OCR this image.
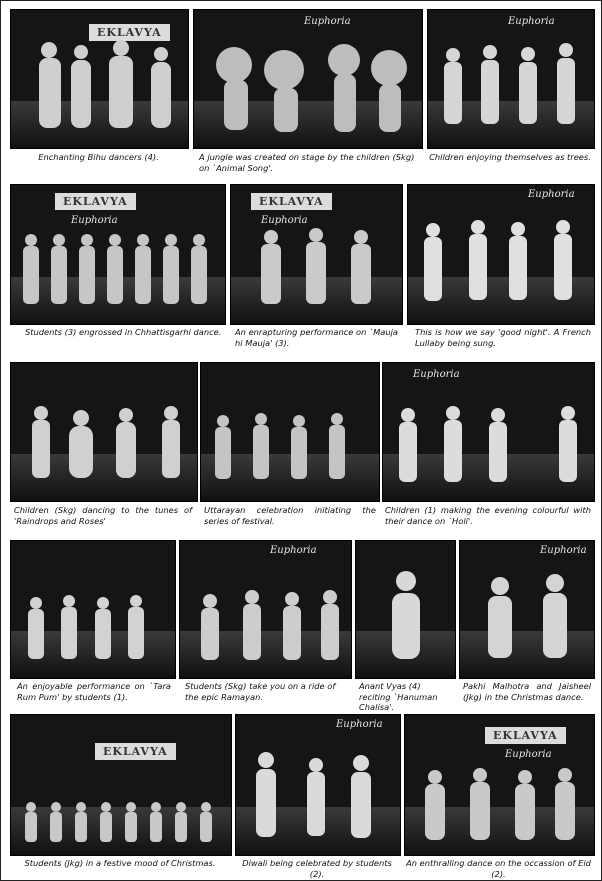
EKLAVYA
Enchanting Bihu dancers (4).
Euphoria
A jungle was created on stage by the children (Skg) on `Animal Song'.
Euphoria
Children enjoying themselves as trees.
EKLAVYA
Euphoria
Students (3) engrossed in Chhattisgarhi dance.
EKLAVYA
Euphoria
An enrapturing performance on `Mauja hi Mauja' (3).
Euphoria
This is how we say 'good night'. A French Lullaby being sung.
Children (Skg) dancing to the tunes of 'Raindrops and Roses'
Uttarayan celebration initiating the series of festival.
Euphoria
Children (1) making the evening colourful with their dance on `Holi'.
An enjoyable performance on `Tara Rum Pum' by students (1).
Euphoria
Students (Skg) take you on a ride of the epic Ramayan.
Anant Vyas (4) reciting `Hanuman Chalisa'.
Euphoria
Pakhi Malhotra and Jaisheel (Jkg) in the Christmas dance.
EKLAVYA
Students (Jkg) in a festive mood of Christmas.
Euphoria
Diwali being celebrated by students (2).
EKLAVYA
Euphoria
An enthralling dance on the occassion of Eid (2).
